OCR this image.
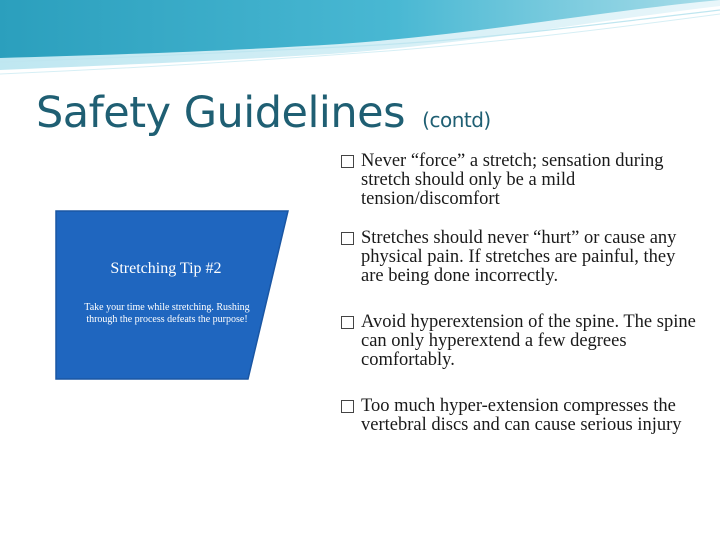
Safety Guidelines (contd)

Stretching Tip #2

Take your time while stretching. Rushing through the process defeats the purpose!

Never “force” a stretch; sensation during stretch should only be a mild tension/discomfort
Stretches should never “hurt” or cause any physical pain. If stretches are painful, they are being done incorrectly.
Avoid hyperextension of the spine. The spine can only hyperextend a few degrees comfortably.
Too much hyper-extension compresses the vertebral discs and can cause serious injury
